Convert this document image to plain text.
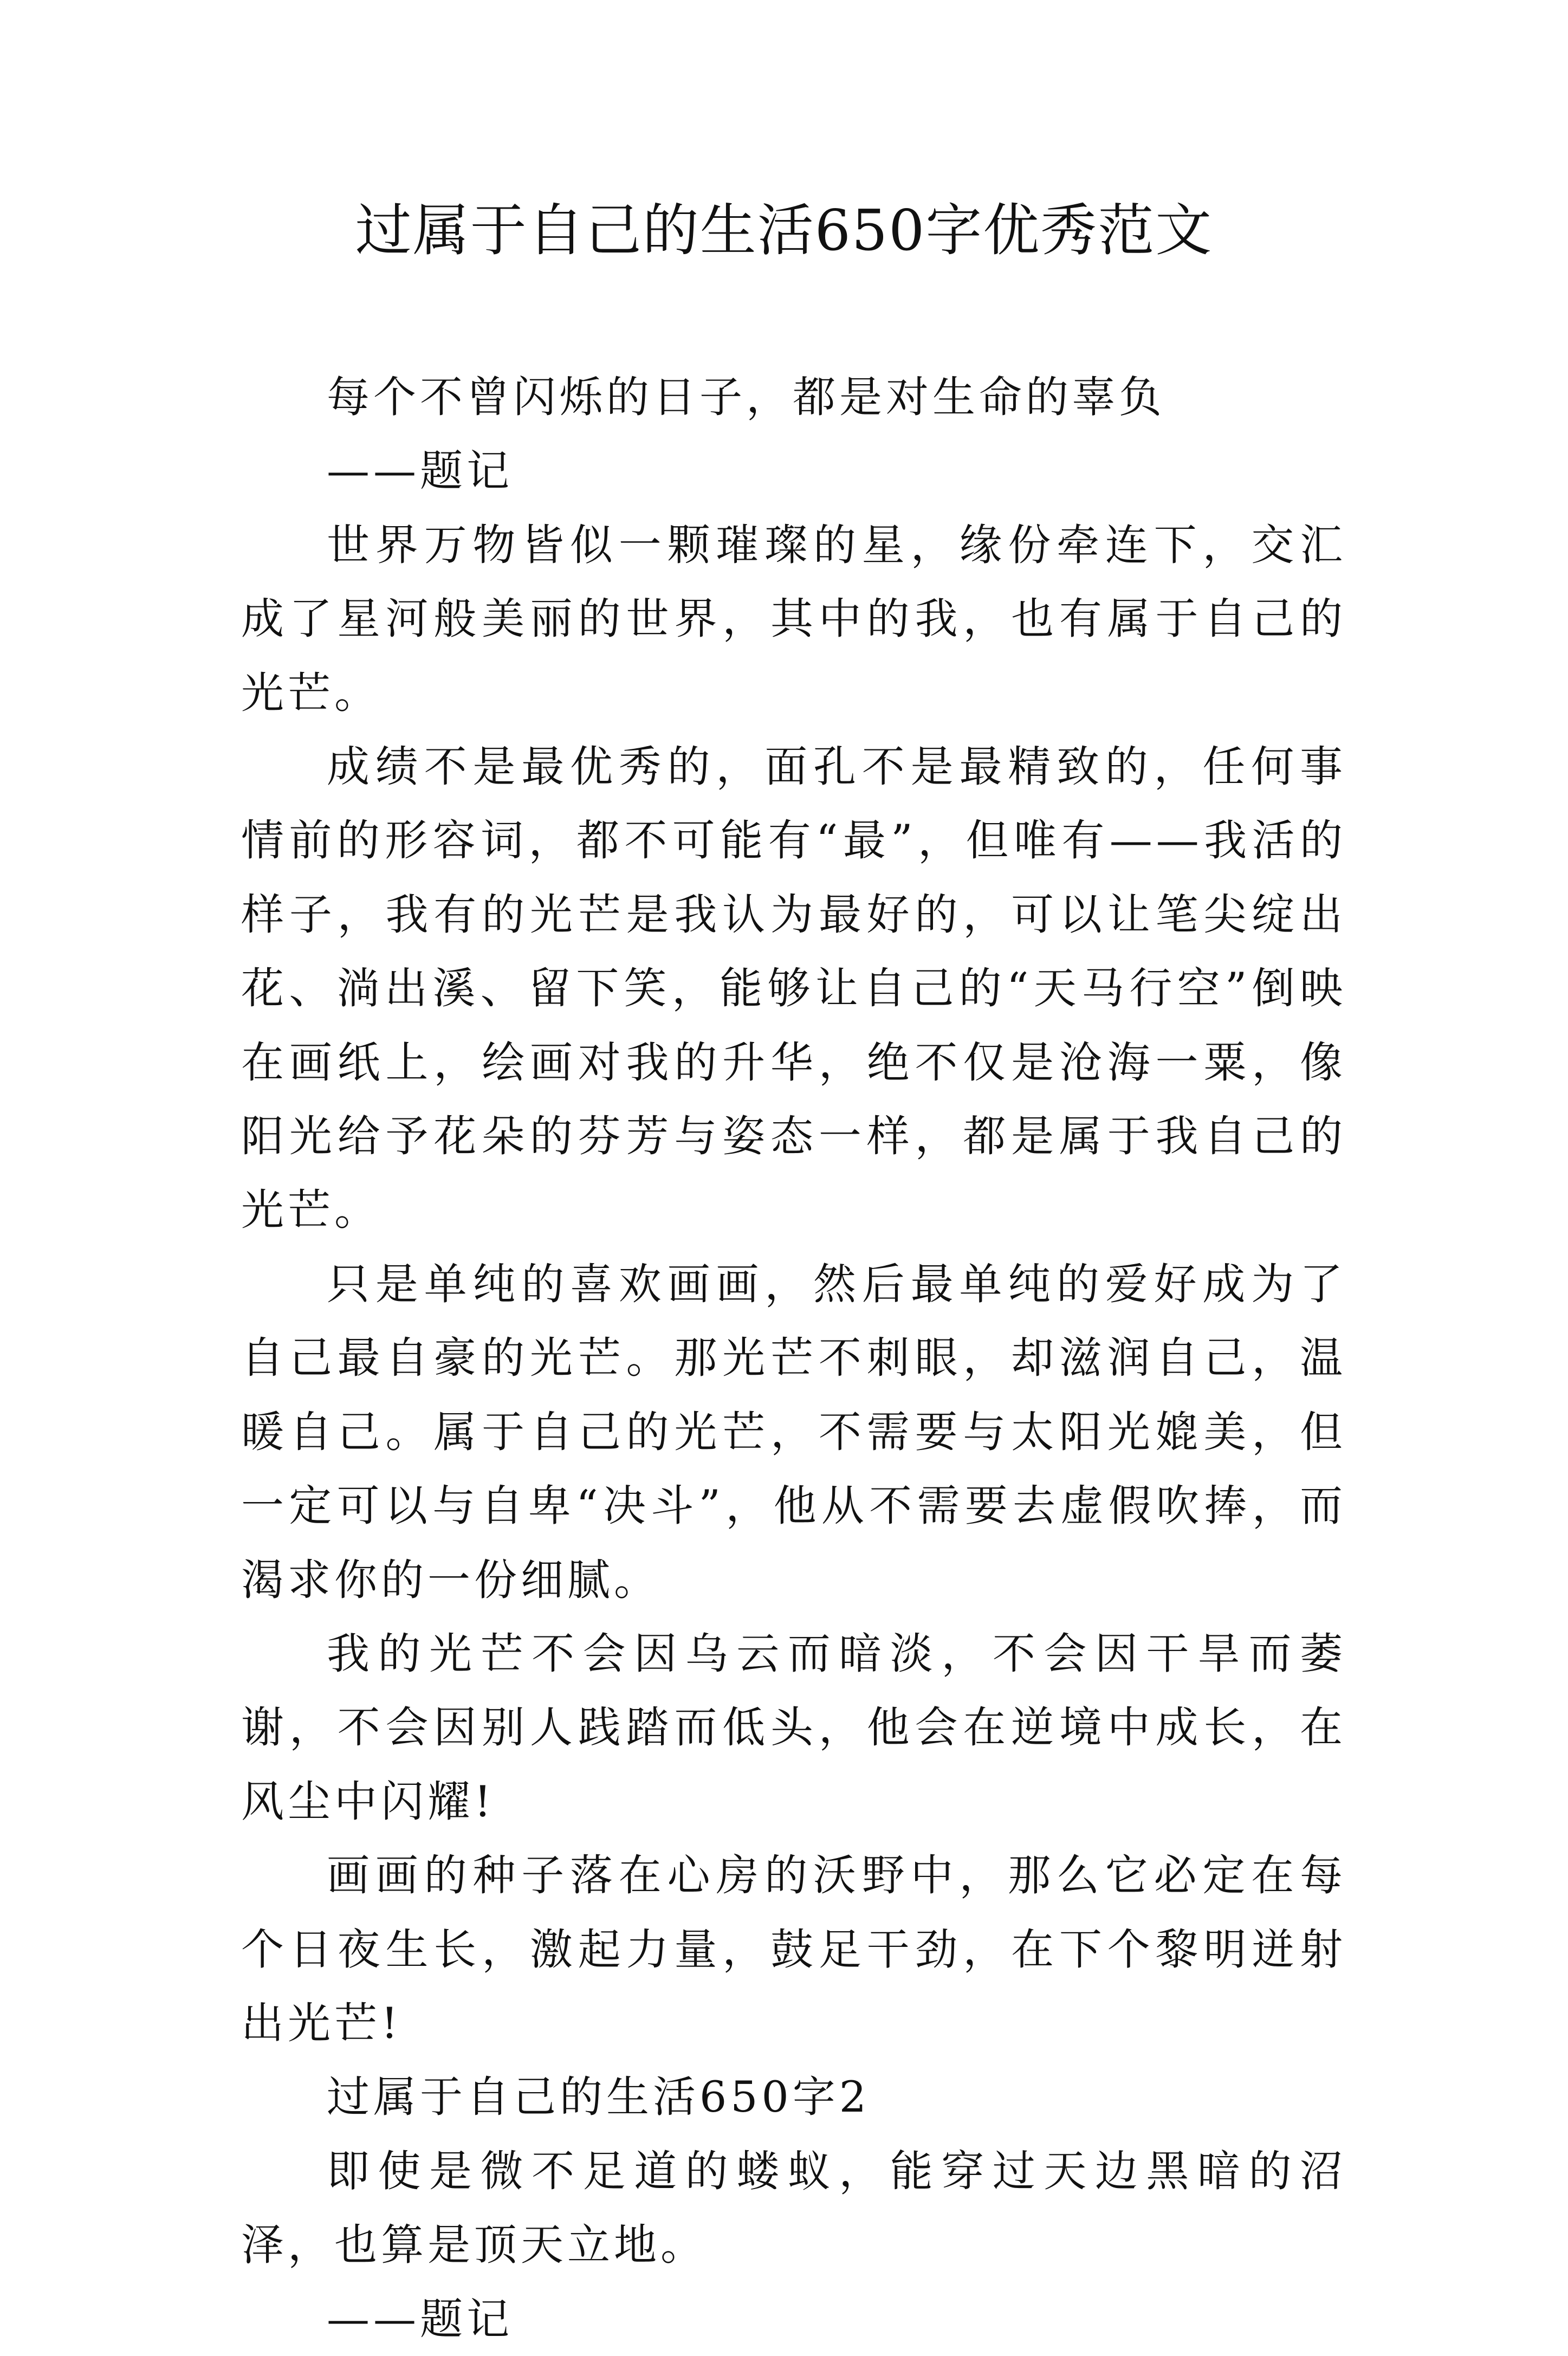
过属于自己的生活650字优秀范文

每个不曾闪烁的日子，都是对生命的辜负

——题记

世界万物皆似一颗璀璨的星，缘份牵连下，交汇成了星河般美丽的世界，其中的我，也有属于自己的光芒。

成绩不是最优秀的，面孔不是最精致的，任何事情前的形容词，都不可能有“最”，但唯有——我活的样子，我有的光芒是我认为最好的，可以让笔尖绽出花、淌出溪、留下笑，能够让自己的“天马行空”倒映在画纸上，绘画对我的升华，绝不仅是沧海一粟，像阳光给予花朵的芬芳与姿态一样，都是属于我自己的光芒。

只是单纯的喜欢画画，然后最单纯的爱好成为了自己最自豪的光芒。那光芒不刺眼，却滋润自己，温暖自己。属于自己的光芒，不需要与太阳光媲美，但一定可以与自卑“决斗”，他从不需要去虚假吹捧，而渴求你的一份细腻。

我的光芒不会因乌云而暗淡，不会因干旱而萎谢，不会因别人践踏而低头，他会在逆境中成长，在风尘中闪耀!

画画的种子落在心房的沃野中，那么它必定在每个日夜生长，激起力量，鼓足干劲，在下个黎明迸射出光芒!

过属于自己的生活650字2

即使是微不足道的蝼蚁，能穿过天边黑暗的沼泽，也算是顶天立地。

——题记
